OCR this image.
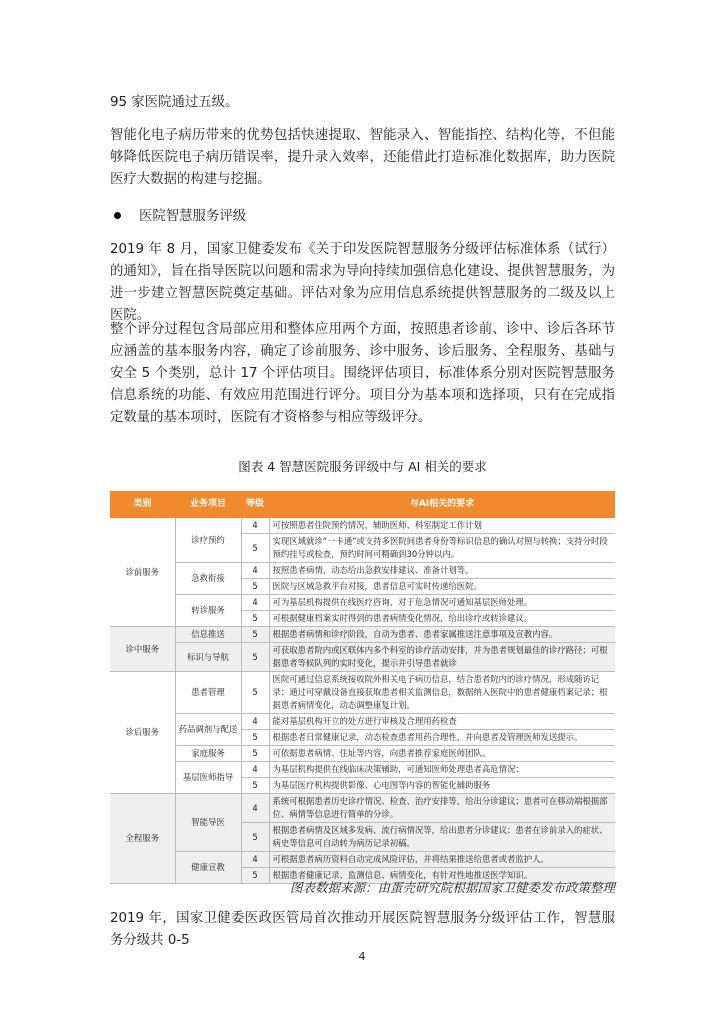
95 家医院通过五级。

智能化电子病历带来的优势包括快速提取、智能录入、智能指控、结构化等，不但能够降低医院电子病历错误率，提升录入效率，还能借此打造标准化数据库，助力医院医疗大数据的构建与挖掘。

医院智慧服务评级

2019 年 8 月，国家卫健委发布《关于印发医院智慧服务分级评估标准体系（试行）的通知》，旨在指导医院以问题和需求为导向持续加强信息化建设、提供智慧服务，为进一步建立智慧医院奠定基础。评估对象为应用信息系统提供智慧服务的二级及以上医院。

整个评分过程包含局部应用和整体应用两个方面，按照患者诊前、诊中、诊后各环节应涵盖的基本服务内容，确定了诊前服务、诊中服务、诊后服务、全程服务、基础与安全 5 个类别，总计 17 个评估项目。围绕评估项目，标准体系分别对医院智慧服务信息系统的功能、有效应用范围进行评分。项目分为基本项和选择项，只有在完成指定数量的基本项时，医院有才资格参与相应等级评分。

图表 4 智慧医院服务评级中与 AI 相关的要求
类别	业务项目	等级	与AI相关的要求
诊前服务	诊疗预约	4	可按照患者住院预约情况，辅助医师、科室制定工作计划
		5	实现区域就诊“一卡通”或支持多医院间患者身份等标识信息的确认对照与转换；支持分时段预约挂号或检查，预约时间可精确到30分钟以内。
	急救衔接	4	按照患者病情，动态给出急救安排建议、准备计划等。
		5	医院与区域急救平台对接，患者信息可实时传递给医院。
	转诊服务	4	可为基层机构提供在线医疗咨询，对于危急情况可通知基层医师处理。
		5	可根据健康档案实时得到的患者病情变化情况，给出诊疗或转诊建议。
诊中服务	信息推送	5	根据患者病情和诊疗阶段，自动为患者、患者家属推送注意事项及宣教内容。
	标识与导航	5	可获取患者院内或区联体内多个科室的诊疗活动安排，并为患者规划最佳的诊疗路径；可根据患者等候队列的实时变化，提示并引导患者就诊
诊后服务	患者管理	5	医院可通过信息系统接收院外相关电子病历信息，结合患者院内的诊疗情况，形成随访记录；通过可穿戴设备直接获取患者相关监测信息，数据纳入医院中的患者健康档案记录；根据患者病情变化，动态调整康复计划。
	药品调剂与配送	4	能对基层机构开立的处方进行审核及合理用药检查
		5	根据患者日常健康记录，动态检查患者用药合理性，并向患者及管理医师发送提示。
	家庭服务	5	可依据患者病情、住址等内容，向患者推荐家庭医师团队。
	基层医师指导	4	为基层机构提供在线临床决策辅助，可通知医师处理患者高危情况；
		5	为基层医疗机构提供影像、心电图等内容的智能化辅助服务
全程服务	智能导医	4	系统可根据患者历史诊疗情况、检查、治疗安排等，给出分诊建议；患者可在移动端根据部位、病情等信息进行简单的分诊。
		5	根据患者病情及区域多发病、流行病情况等，给出患者分诊建议；患者在诊前录入的症状、病史等信息可自动转为病历记录初稿。
	健康宣教	4	可根据患者病历资料自动完成风险评估，并将结果推送给患者或者监护人。
		5	根据患者健康记录、监测信息、病情变化，有针对性地推送医学知识。
图表数据来源：由蛋壳研究院根据国家卫健委发布政策整理

2019 年，国家卫健委医政医管局首次推动开展医院智慧服务分级评估工作，智慧服务分级共 0-5

4
